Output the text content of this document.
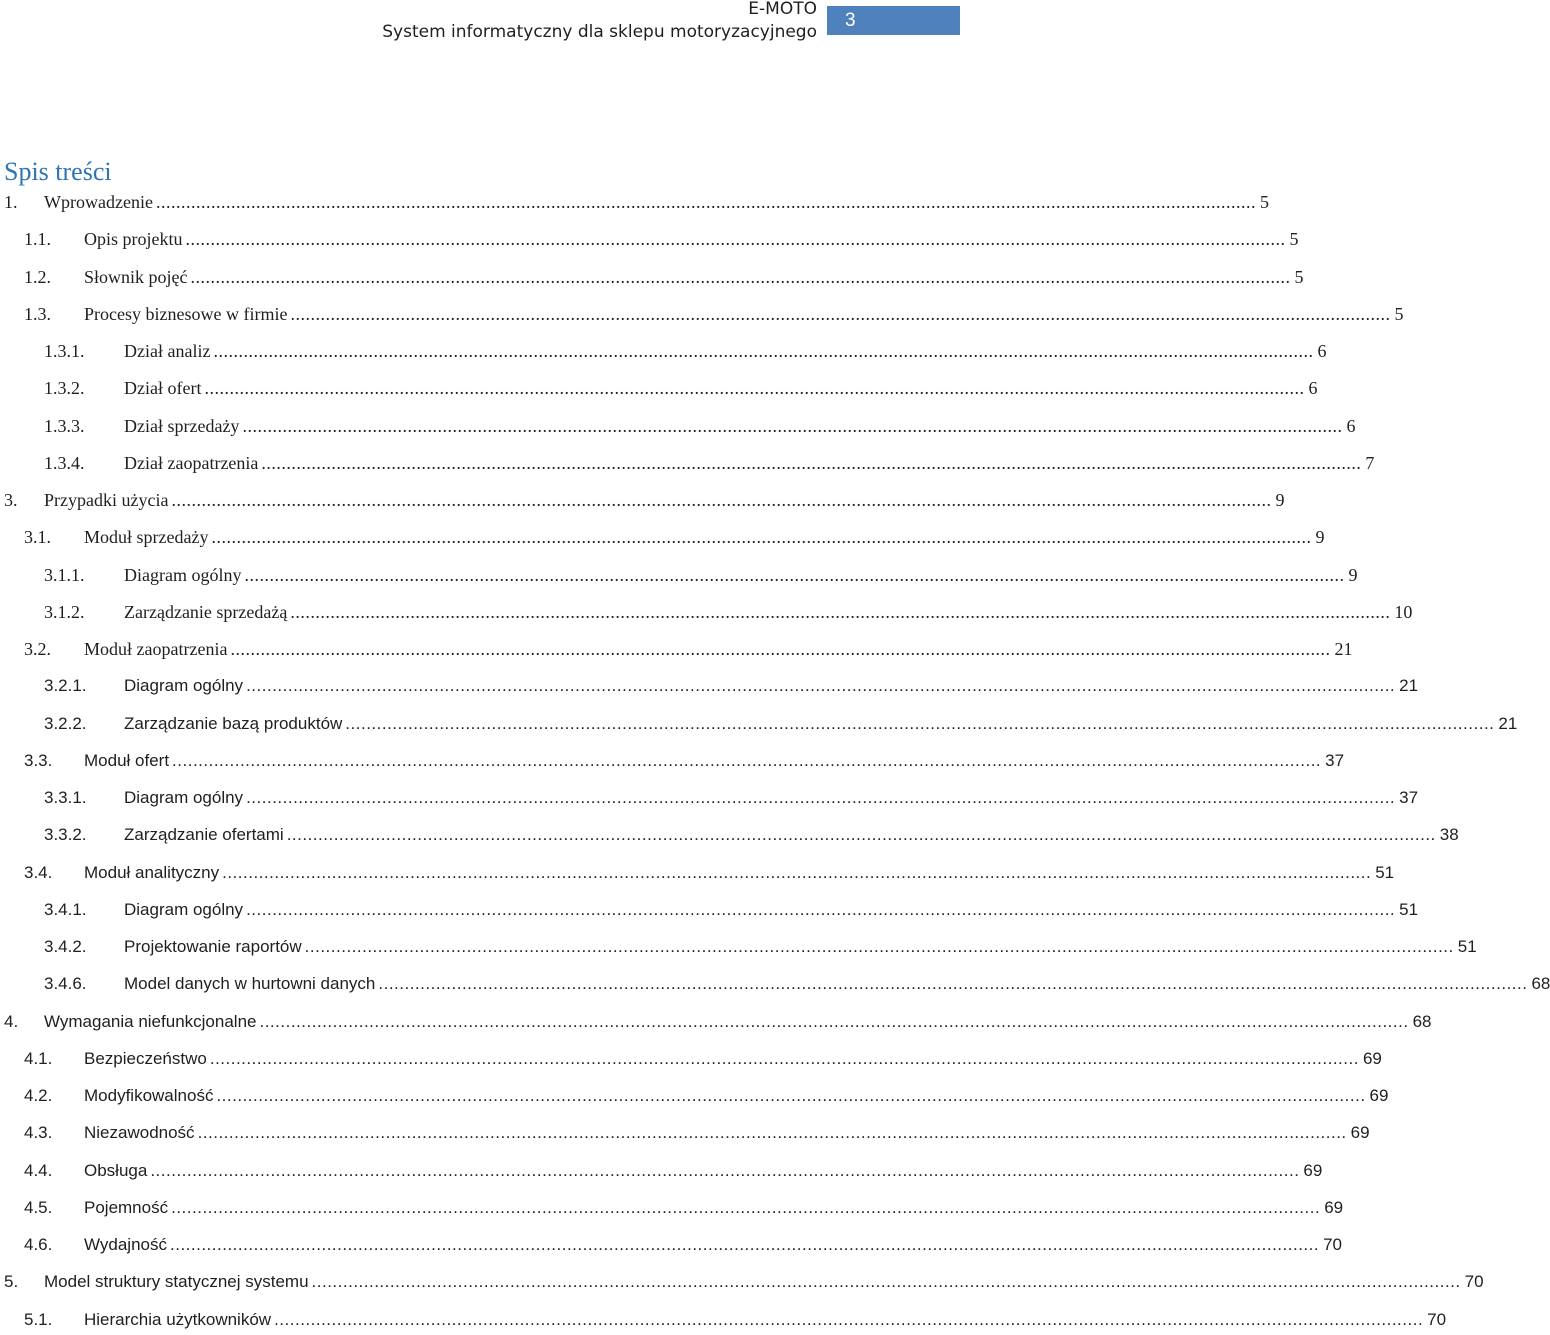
E-MOTO
System informatyczny dla sklepu motoryzacyjnego
3
Spis treści
1. Wprowadzenie ............................................................................................................................................................................................................................ 5
1.1. Opis projektu ............................................................................................................................................................................................................................ 5
1.2. Słownik pojęć ............................................................................................................................................................................................................................ 5
1.3. Procesy biznesowe w firmie ............................................................................................................................................................................................................................ 5
1.3.1. Dział analiz ............................................................................................................................................................................................................................ 6
1.3.2. Dział ofert ............................................................................................................................................................................................................................ 6
1.3.3. Dział sprzedaży ............................................................................................................................................................................................................................ 6
1.3.4. Dział zaopatrzenia ............................................................................................................................................................................................................................ 7
3. Przypadki użycia ............................................................................................................................................................................................................................ 9
3.1. Moduł sprzedaży ............................................................................................................................................................................................................................ 9
3.1.1. Diagram ogólny ............................................................................................................................................................................................................................ 9
3.1.2. Zarządzanie sprzedażą ............................................................................................................................................................................................................................ 10
3.2. Moduł zaopatrzenia ............................................................................................................................................................................................................................ 21
3.2.1. Diagram ogólny ............................................................................................................................................................................................................................ 21
3.2.2. Zarządzanie bazą produktów ............................................................................................................................................................................................................................ 21
3.3. Moduł ofert ............................................................................................................................................................................................................................ 37
3.3.1. Diagram ogólny ............................................................................................................................................................................................................................ 37
3.3.2. Zarządzanie ofertami ............................................................................................................................................................................................................................ 38
3.4. Moduł analityczny ............................................................................................................................................................................................................................ 51
3.4.1. Diagram ogólny ............................................................................................................................................................................................................................ 51
3.4.2. Projektowanie raportów ............................................................................................................................................................................................................................ 51
3.4.6. Model danych w hurtowni danych ............................................................................................................................................................................................................................ 68
4. Wymagania niefunkcjonalne ............................................................................................................................................................................................................................ 68
4.1. Bezpieczeństwo ............................................................................................................................................................................................................................ 69
4.2. Modyfikowalność ............................................................................................................................................................................................................................ 69
4.3. Niezawodność ............................................................................................................................................................................................................................ 69
4.4. Obsługa ............................................................................................................................................................................................................................ 69
4.5. Pojemność ............................................................................................................................................................................................................................ 69
4.6. Wydajność ............................................................................................................................................................................................................................ 70
5. Model struktury statycznej systemu ............................................................................................................................................................................................................................ 70
5.1. Hierarchia użytkowników ............................................................................................................................................................................................................................ 70
